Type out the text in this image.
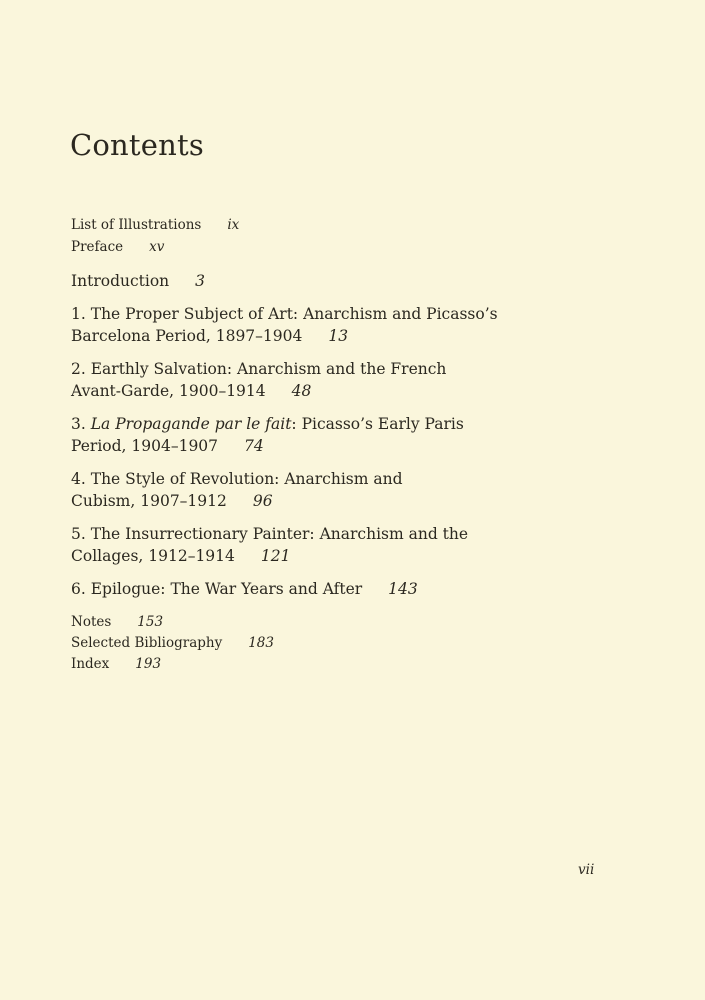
Contents
List of Illustrations ix
Preface xv
Introduction 3
1. The Proper Subject of Art: Anarchism and Picasso’s
Barcelona Period, 1897–1904 13
2. Earthly Salvation: Anarchism and the French
Avant-Garde, 1900–1914 48
3. La Propagande par le fait: Picasso’s Early Paris
Period, 1904–1907 74
4. The Style of Revolution: Anarchism and
Cubism, 1907–1912 96
5. The Insurrectionary Painter: Anarchism and the
Collages, 1912–1914 121
6. Epilogue: The War Years and After 143
Notes 153
Selected Bibliography 183
Index 193
vii
